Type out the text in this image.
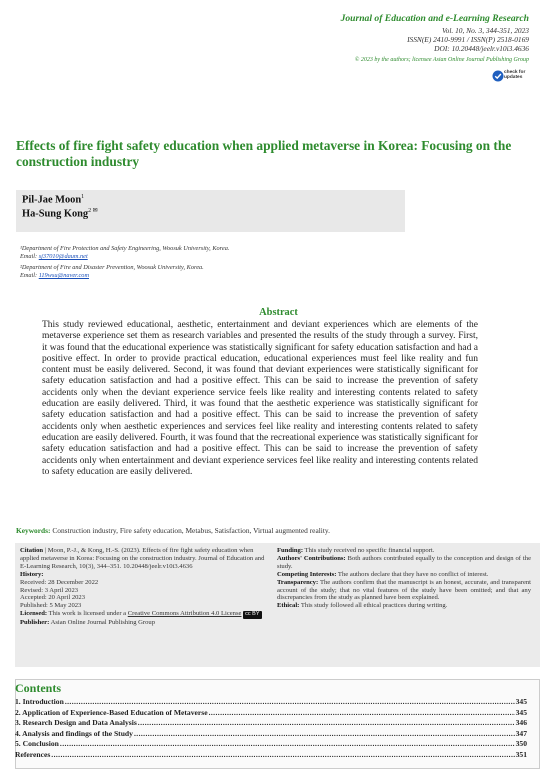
Journal of Education and e-Learning Research
Vol. 10, No. 3, 344-351, 2023
ISSN(E) 2410-9991 / ISSN(P) 2518-0169
DOI: 10.20448/jeelr.v10i3.4636
© 2023 by the authors; licensee Asian Online Journal Publishing Group
check for updates
Effects of fire fight safety education when applied metaverse in Korea: Focusing on the construction industry
Pil-Jae Moon$^1$
Ha-Sung Kong$^{2 ✉}$
¹Department of Fire Protection and Safety Engineering, Woosuk University, Korea.
Email: sj37010@daum.net
²Department of Fire and Disaster Prevention, Woosuk University, Korea.
Email: 119wsu@naver.com
Abstract
This study reviewed educational, aesthetic, entertainment and deviant experiences which are elements of the metaverse experience set them as research variables and presented the results of the study through a survey. First, it was found that the educational experience was statistically significant for safety education satisfaction and had a positive effect. In order to provide practical education, educational experiences must feel like reality and fun content must be easily delivered. Second, it was found that deviant experiences were statistically significant for safety education satisfaction and had a positive effect. This can be said to increase the prevention of safety accidents only when the deviant experience service feels like reality and interesting contents related to safety education are easily delivered. Third, it was found that the aesthetic experience was statistically significant for safety education satisfaction and had a positive effect. This can be said to increase the prevention of safety accidents only when aesthetic experiences and services feel like reality and interesting contents related to safety education are easily delivered. Fourth, it was found that the recreational experience was statistically significant for safety education satisfaction and had a positive effect. This can be said to increase the prevention of safety accidents only when entertainment and deviant experience services feel like reality and interesting contents related to safety education are easily delivered.
Keywords: Construction industry, Fire safety education, Metabus, Satisfaction, Virtual augmented reality.
Citation | Moon, P.-J., & Kong, H.-S. (2023). Effects of fire fight safety education when applied metaverse in Korea: Focusing on the construction industry. Journal of Education and E-Learning Research, 10(3), 344–351. 10.20448/jeelr.v10i3.4636
History:
Received: 28 December 2022
Revised: 3 April 2023
Accepted: 20 April 2023
Published: 5 May 2023
Licensed: This work is licensed under a Creative Commons Attribution 4.0 License cc BY
Publisher: Asian Online Journal Publishing Group
Funding: This study received no specific financial support.
Authors' Contributions: Both authors contributed equally to the conception and design of the study.
Competing Interests: The authors declare that they have no conflict of interest.
Transparency: The authors confirm that the manuscript is an honest, accurate, and transparent account of the study; that no vital features of the study have been omitted; and that any discrepancies from the study as planned have been explained.
Ethical: This study followed all ethical practices during writing.
Contents
1. Introduction .....	345
2. Application of Experience-Based Education of Metaverse .....	345
3. Research Design and Data Analysis .....	346
4. Analysis and findings of the Study .....	347
5. Conclusion .....	350
References .....	351
